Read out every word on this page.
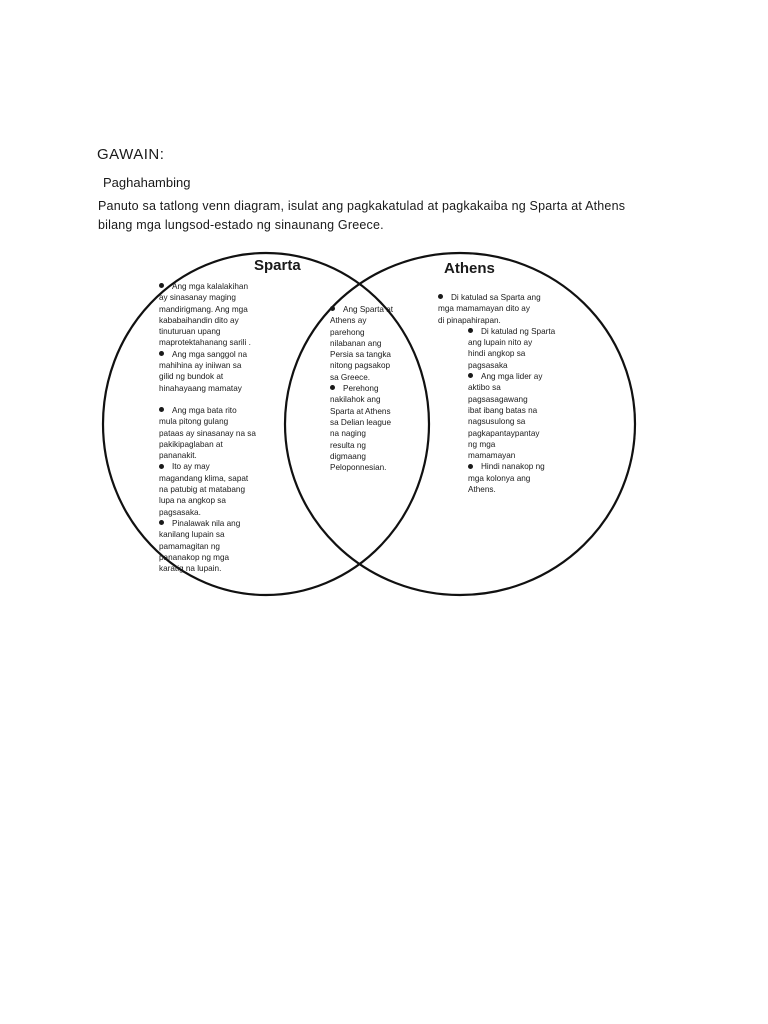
GAWAIN:
Paghahambing
Panuto sa tatlong venn diagram, isulat ang pagkakatulad at pagkakaiba ng Sparta at Athens bilang mga lungsod-estado ng sinaunang Greece.
Sparta	Athens
Ang mga kalalakihan
ay sinasanay maging
mandirigmang. Ang mga
kababaihandin dito ay
tinuturuan upang
maprotektahanang sarili .
Ang mga sanggol na
mahihina ay iniiwan sa
gilid ng bundok at
hinahayaang mamatay
Ang mga bata rito
mula pitong gulang
pataas ay sinasanay na sa
pakikipaglaban at
pananakit.
Ito ay may
magandang klima, sapat
na patubig at matabang
lupa na angkop sa
pagsasaka.
Pinalawak nila ang
kanilang lupain sa
pamamagitan ng
pananakop ng mga
karatig na lupain.
Ang Sparta at
Athens ay
parehong
nilabanan ang
Persia sa tangka
nitong pagsakop
sa Greece.
Perehong
nakilahok ang
Sparta at Athens
sa Delian league
na naging
resulta ng
digmaang
Peloponnesian.
Di katulad sa Sparta ang
mga mamamayan dito ay
di pinapahirapan.
Di katulad ng Sparta
ang lupain nito ay
hindi angkop sa
pagsasaka
Ang mga lider ay
aktibo sa
pagsasagawang
ibat ibang batas na
nagsusulong sa
pagkapantaypantay
ng mga
mamamayan
Hindi nanakop ng
mga kolonya ang
Athens.
